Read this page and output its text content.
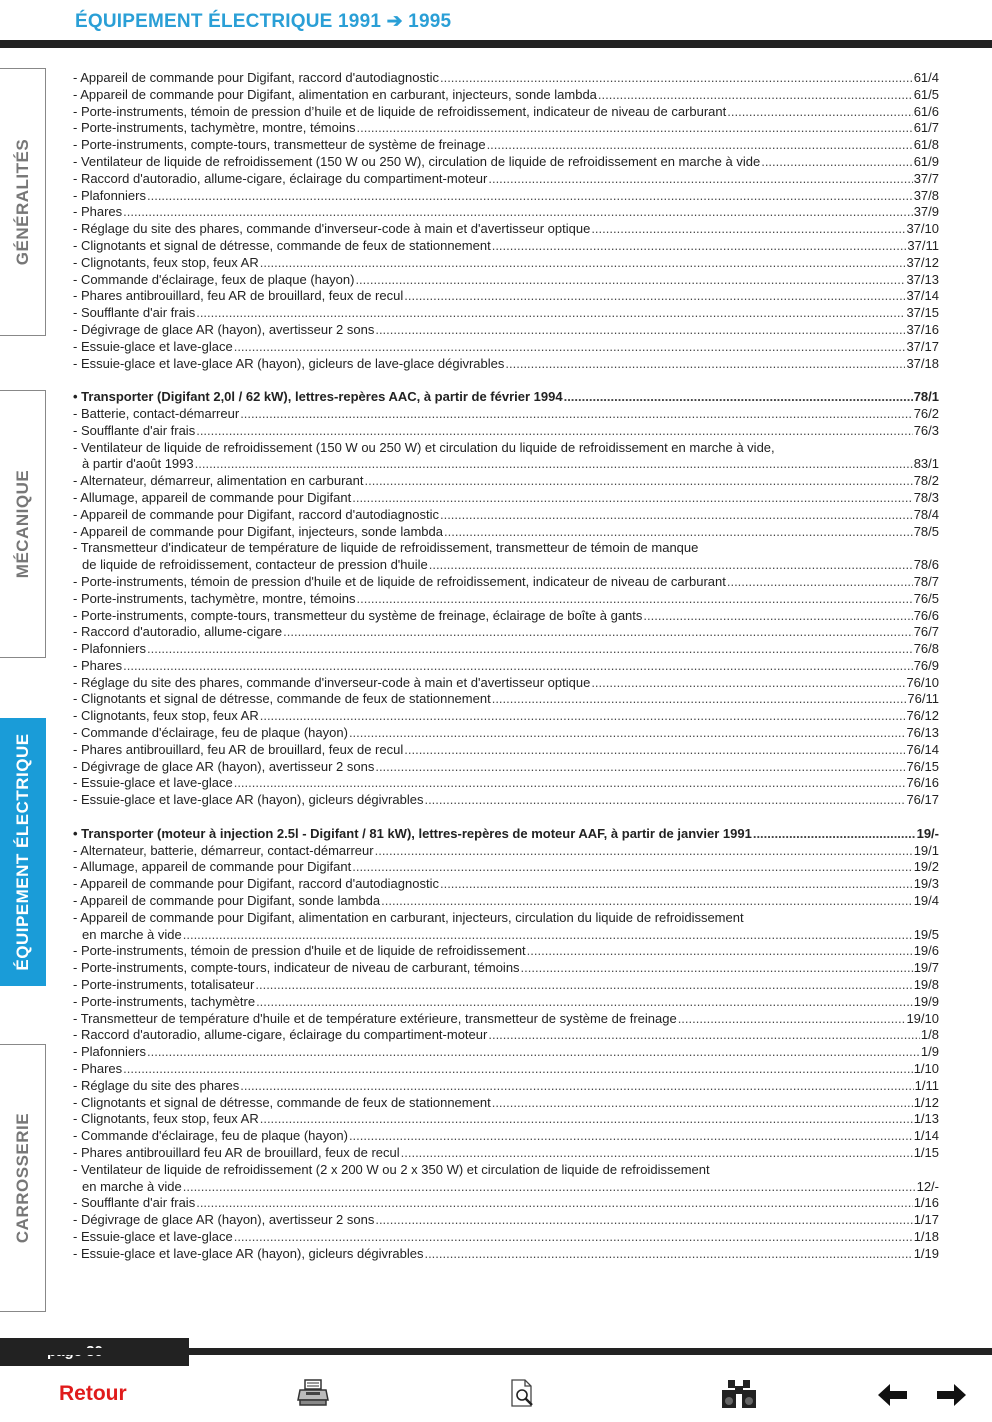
ÉQUIPEMENT ÉLECTRIQUE 1991 ➔ 1995
GÉNÉRALITÉS
MÉCANIQUE
ÉQUIPEMENT ÉLECTRIQUE
CARROSSERIE
- Appareil de commande pour Digifant, raccord d'autodiagnostic .....	61/4
- Appareil de commande pour Digifant, alimentation en carburant, injecteurs, sonde lambda .....	61/5
- Porte-instruments, témoin de pression d’huile et de liquide de refroidissement, indicateur de niveau de carburant .....	61/6
- Porte-instruments, tachymètre, montre, témoins .....	61/7
- Porte-instruments, compte-tours, transmetteur de système de freinage .....	61/8
- Ventilateur de liquide de refroidissement (150 W ou 250 W), circulation de liquide de refroidissement en marche à vide .....	61/9
- Raccord d'autoradio, allume-cigare, éclairage du compartiment-moteur .....	37/7
- Plafonniers .....	37/8
- Phares .....	37/9
- Réglage du site des phares, commande d'inverseur-code à main et d'avertisseur optique .....	37/10
- Clignotants et signal de détresse, commande de feux de stationnement .....	37/11
- Clignotants, feux stop, feux AR .....	37/12
- Commande d'éclairage, feux de plaque (hayon) .....	37/13
- Phares antibrouillard, feu AR de brouillard, feux de recul .....	37/14
- Soufflante d'air frais .....	37/15
- Dégivrage de glace AR (hayon), avertisseur 2 sons .....	37/16
- Essuie-glace et lave-glace .....	37/17
- Essuie-glace et lave-glace AR (hayon), gicleurs de lave-glace dégivrables .....	37/18
• Transporter (Digifant 2,0l / 62 kW), lettres-repères AAC, à partir de février 1994 .....	78/1
- Batterie, contact-démarreur .....	76/2
- Soufflante d'air frais .....	76/3
- Ventilateur de liquide de refroidissement (150 W ou 250 W) et circulation du liquide de refroidissement en marche à vide,
à partir d'août 1993 .....	83/1
- Alternateur, démarreur, alimentation en carburant .....	78/2
- Allumage, appareil de commande pour Digifant .....	78/3
- Appareil de commande pour Digifant, raccord d'autodiagnostic .....	78/4
- Appareil de commande pour Digifant, injecteurs, sonde lambda .....	78/5
- Transmetteur d'indicateur de température de liquide de refroidissement, transmetteur de témoin de manque
de liquide de refroidissement, contacteur de pression d'huile .....	78/6
- Porte-instruments, témoin de pression d'huile et de liquide de refroidissement, indicateur de niveau de carburant .....	78/7
- Porte-instruments, tachymètre, montre, témoins .....	76/5
- Porte-instruments, compte-tours, transmetteur du système de freinage, éclairage de boîte à gants .....	76/6
- Raccord d'autoradio, allume-cigare .....	76/7
- Plafonniers .....	76/8
- Phares .....	76/9
- Réglage du site des phares, commande d'inverseur-code à main et d'avertisseur optique .....	76/10
- Clignotants et signal de détresse, commande de feux de stationnement .....	76/11
- Clignotants, feux stop, feux AR .....	76/12
- Commande d'éclairage, feu de plaque (hayon) .....	76/13
- Phares antibrouillard, feu AR de brouillard, feux de recul .....	76/14
- Dégivrage de glace AR (hayon), avertisseur 2 sons .....	76/15
- Essuie-glace et lave-glace .....	76/16
- Essuie-glace et lave-glace AR (hayon), gicleurs dégivrables .....	76/17
• Transporter (moteur à injection 2.5l - Digifant / 81 kW), lettres-repères de moteur AAF, à partir de janvier 1991 .....	19/-
- Alternateur, batterie, démarreur, contact-démarreur .....	19/1
- Allumage, appareil de commande pour Digifant .....	19/2
- Appareil de commande pour Digifant, raccord d'autodiagnostic .....	19/3
- Appareil de commande pour Digifant, sonde lambda .....	19/4
- Appareil de commande pour Digifant, alimentation en carburant, injecteurs, circulation du liquide de refroidissement
en marche à vide .....	19/5
- Porte-instruments, témoin de pression d'huile et de liquide de refroidissement .....	19/6
- Porte-instruments, compte-tours, indicateur de niveau de carburant, témoins .....	19/7
- Porte-instruments, totalisateur .....	19/8
- Porte-instruments, tachymètre .....	19/9
- Transmetteur de température d'huile et de température extérieure, transmetteur de système de freinage .....	19/10
- Raccord d'autoradio, allume-cigare, éclairage du compartiment-moteur .....	1/8
- Plafonniers .....	1/9
- Phares .....	1/10
- Réglage du site des phares .....	1/11
- Clignotants et signal de détresse, commande de feux de stationnement .....	1/12
- Clignotants, feux stop, feux AR .....	1/13
- Commande d'éclairage, feu de plaque (hayon) .....	1/14
- Phares antibrouillard feu AR de brouillard, feux de recul .....	1/15
- Ventilateur de liquide de refroidissement (2 x 200 W ou 2 x 350 W) et circulation de liquide de refroidissement
en marche à vide .....	12/-
- Soufflante d'air frais .....	1/16
- Dégivrage de glace AR (hayon), avertisseur 2 sons .....	1/17
- Essuie-glace et lave-glace .....	1/18
- Essuie-glace et lave-glace AR (hayon), gicleurs dégivrables .....	1/19
Retour
